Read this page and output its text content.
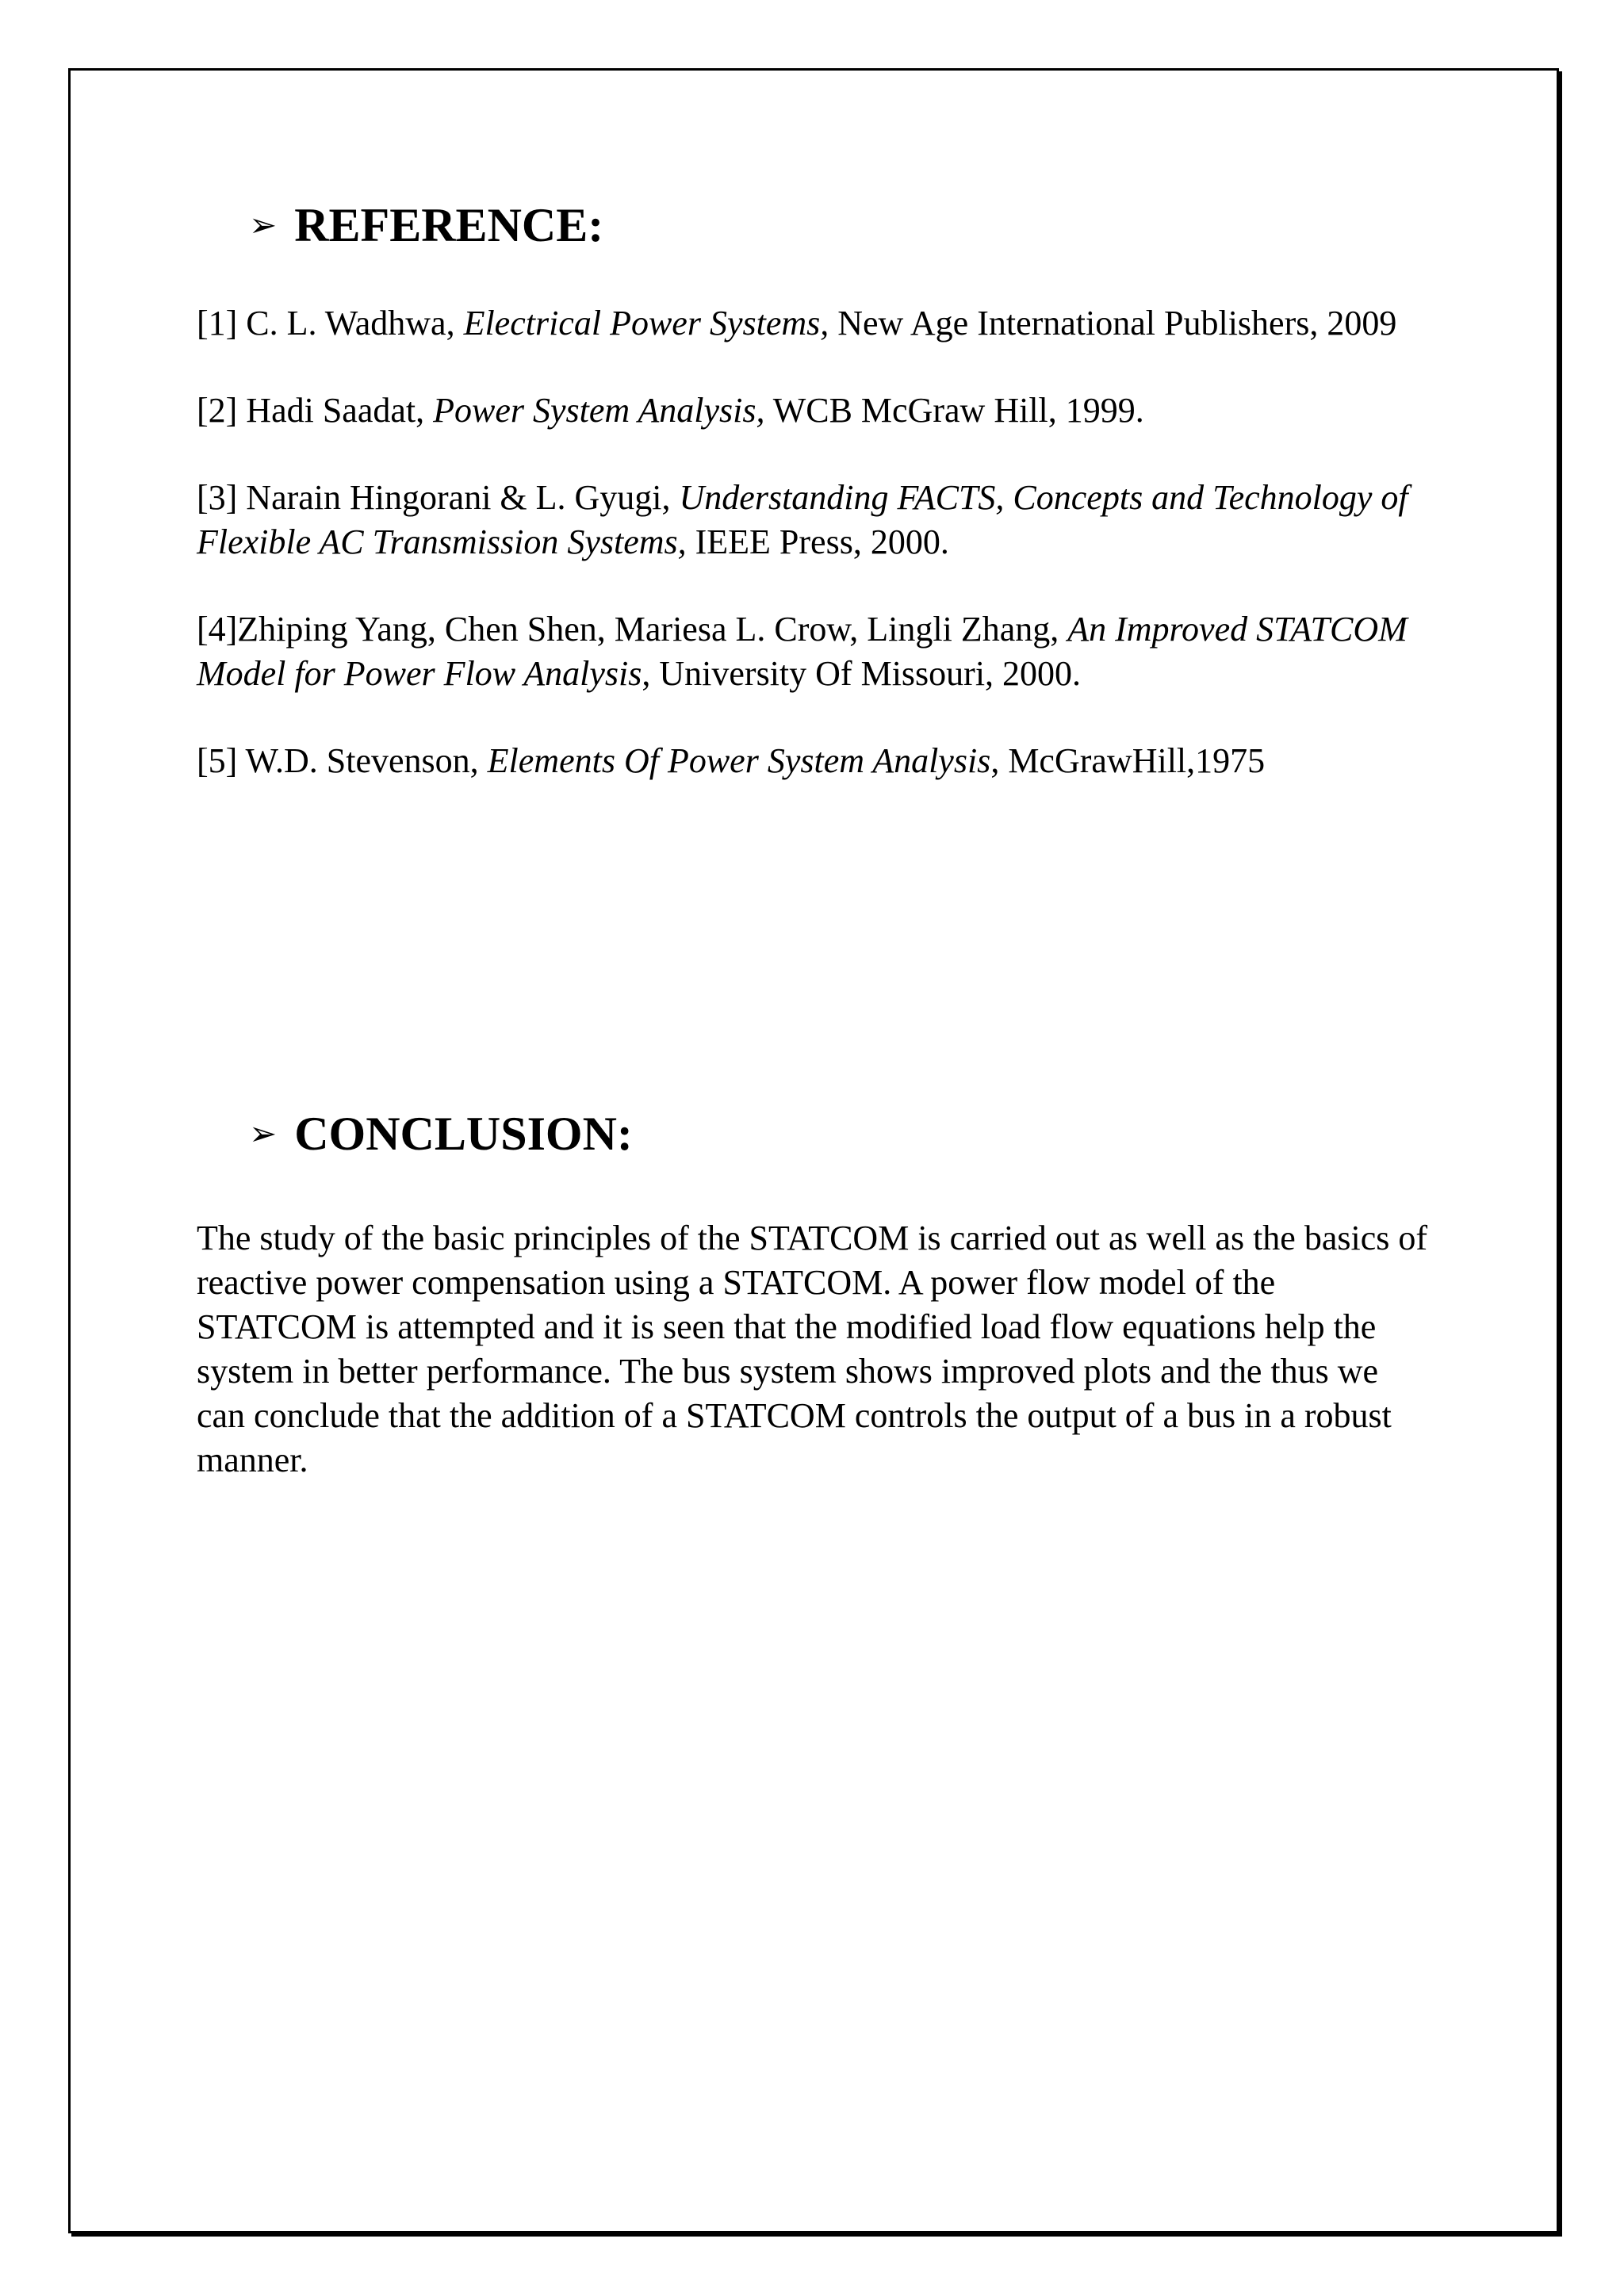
➢ REFERENCE:

[1] C. L. Wadhwa, Electrical Power Systems, New Age International Publishers, 2009

[2] Hadi Saadat, Power System Analysis, WCB McGraw Hill, 1999.

[3] Narain Hingorani & L. Gyugi, Understanding FACTS, Concepts and Technology of Flexible AC Transmission Systems, IEEE Press, 2000.

[4]Zhiping Yang, Chen Shen, Mariesa L. Crow, Lingli Zhang, An Improved STATCOM Model for Power Flow Analysis, University Of Missouri, 2000.

[5] W.D. Stevenson, Elements Of Power System Analysis, McGrawHill,1975

➢ CONCLUSION:

The study of the basic principles of the STATCOM is carried out as well as the basics of reactive power compensation using a STATCOM. A power flow model of the STATCOM is attempted and it is seen that the modified load flow equations help the system in better performance. The bus system shows improved plots and the thus we can conclude that the addition of a STATCOM controls the output of a bus in a robust manner.
